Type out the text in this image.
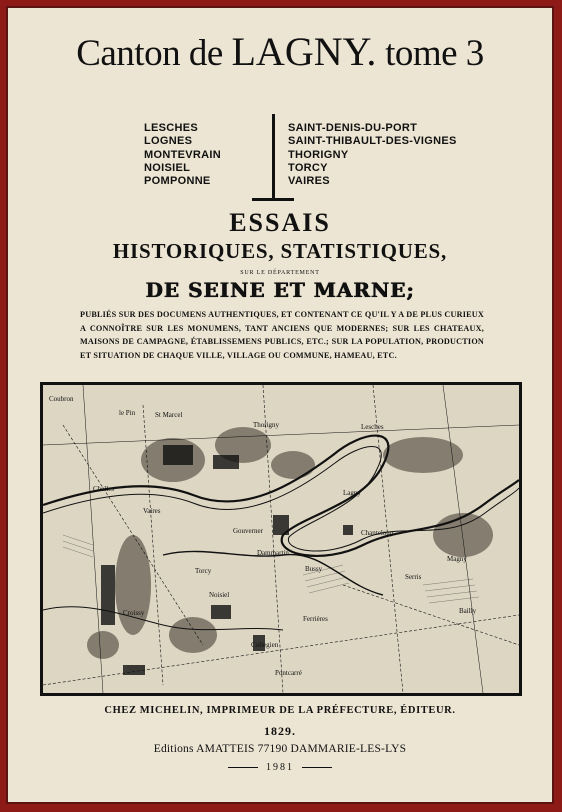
Canton de LAGNY. tome 3
LESCHES
LOGNES
MONTEVRAIN
NOISIEL
POMPONNE
SAINT-DENIS-DU-PORT
SAINT-THIBAULT-DES-VIGNES
THORIGNY
TORCY
VAIRES
ESSAIS
HISTORIQUES, STATISTIQUES,
SUR LE DÉPARTEMENT
DE SEINE ET MARNE;
PUBLIÉS SUR DES DOCUMENS AUTHENTIQUES, ET CONTENANT CE QU'IL Y A DE PLUS CURIEUX A CONNOÎTRE SUR LES MONUMENS, TANT ANCIENS QUE MODERNES; SUR LES CHATEAUX, MAISONS DE CAMPAGNE, ÉTABLISSEMENS PUBLICS, ETC.; SUR LA POPULATION, PRODUCTION ET SITUATION DE CHAQUE VILLE, VILLAGE OU COMMUNE, HAMEAU, ETC.
Coubron
le Pin	St Marcel
Lesches
Gouverner
Chelles
Vaires
Thorigny
Lagny
Dammartin
Chanteloup
Bussy
Serris
Torcy
Noisiel
Croissy
Ferrières
Collegien
Bailly
Pontcarré
Magny
CHEZ MICHELIN, IMPRIMEUR DE LA PRÉFECTURE, ÉDITEUR.
1829.
Editions AMATTEIS 77190 DAMMARIE-LES-LYS
1981
